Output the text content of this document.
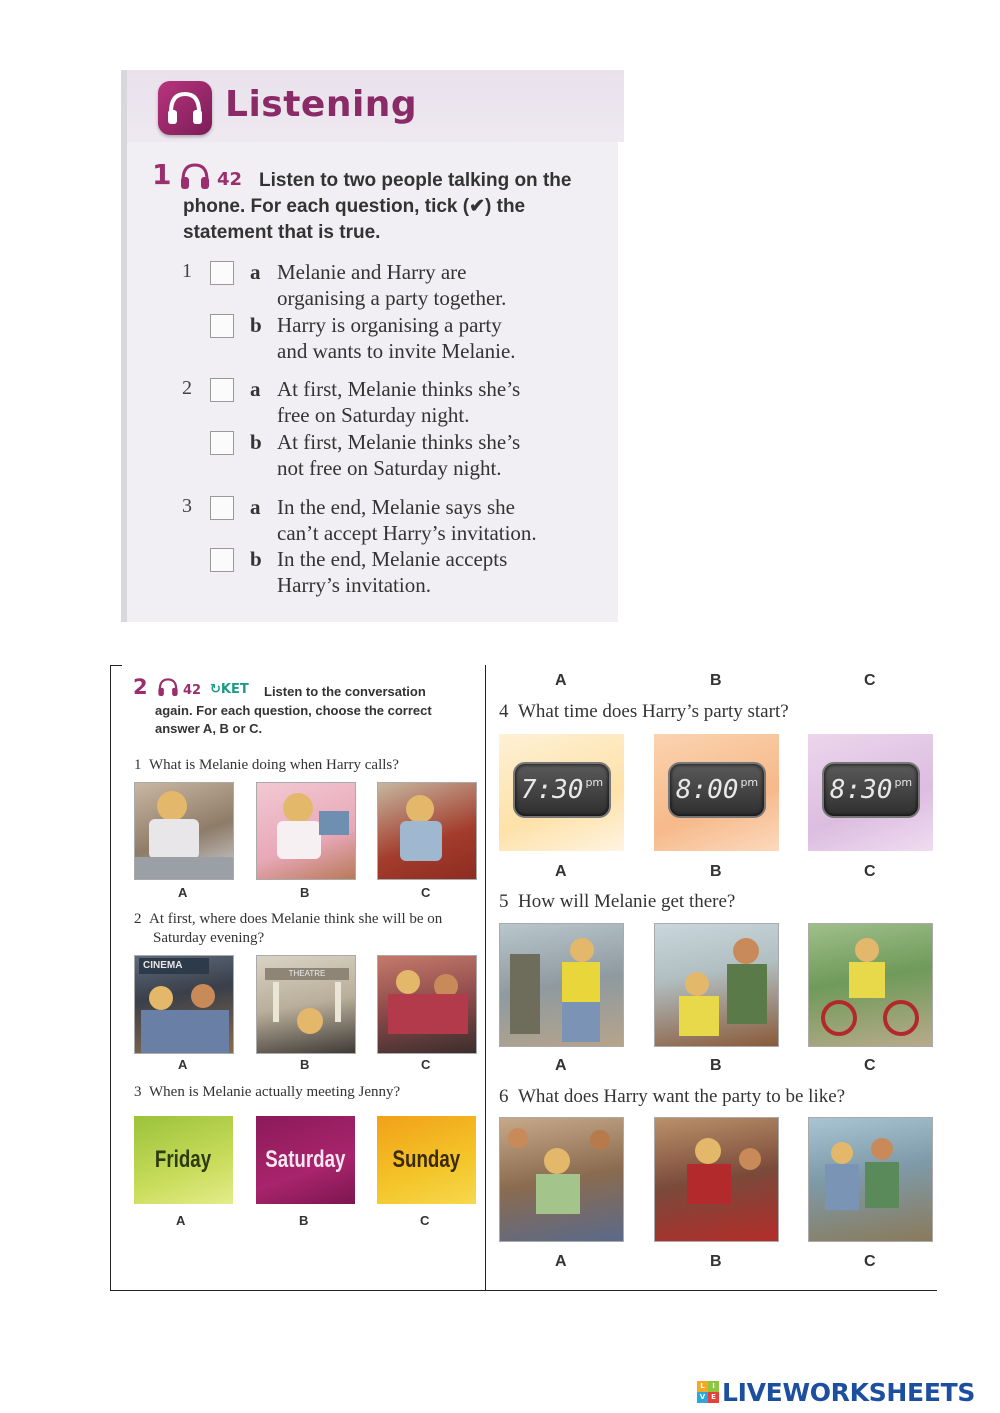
Listening
1	42 Listen to two people talking on the phone. For each question, tick (✔) the statement that is true.
1	a Melanie and Harry are
organising a party together.
b Harry is organising a party
and wants to invite Melanie.
2	a At first, Melanie thinks she’s
free on Saturday night.
b At first, Melanie thinks she’s
not free on Saturday night.
3	a In the end, Melanie says she
can’t accept Harry’s invitation.
b In the end, Melanie accepts
Harry’s invitation.
2	42 ↻KET Listen to the conversation
again. For each question, choose the correct
answer A, B or C.
1 What is Melanie doing when Harry calls?
A	B	C
2 At first, where does Melanie think she will be on
Saturday evening?
CINEMA
THEATRE
A	B	C
3 When is Melanie actually meeting Jenny?
Friday Saturday Sunday
A	B	C
A	B	C
4 What time does Harry’s party start?
$7:30^{pm}$	$8:00^{pm}$	$8:30^{pm}$
A	B	C
5 How will Melanie get there?
A	B	C
6 What does Harry want the party to be like?
A	B	C
L	I
V E LIVEWORKSHEETS
